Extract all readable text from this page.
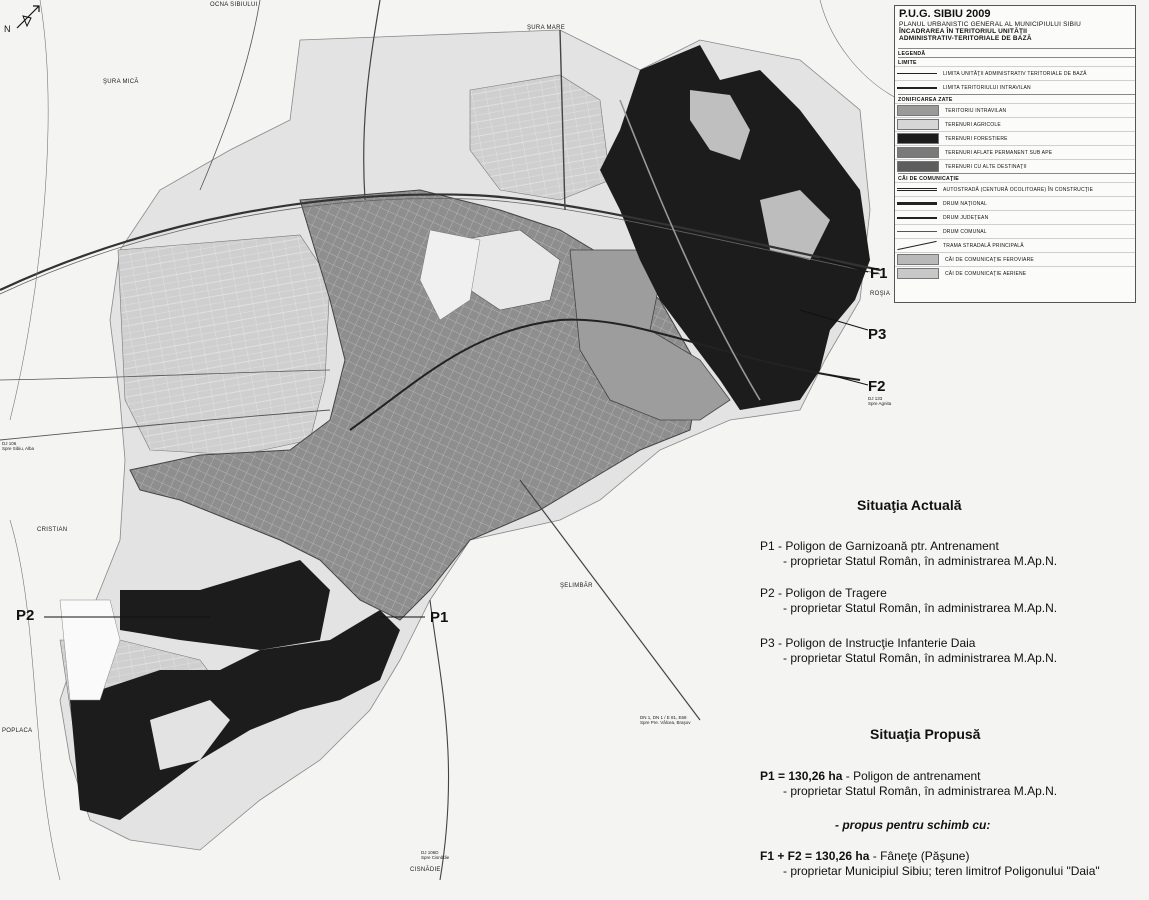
N
OCNA SIBIULUI
ŞURA MARE
ŞURA MICĂ
ROŞIA
CRISTIAN
ŞELIMBĂR
POPLACA
CISNĂDIE
DJ 106
Spre Sibiu, Alba
DJ 133
Spre Agnita
DN 1, DN 1 / E 81, E68
Spre Pre. Vâlcea, Braşov
DJ 106D
Spre Cisnădie
F1
P3
F2
P2	P1
P.U.G. SIBIU 2009
PLANUL URBANISTIC GENERAL AL MUNICIPIULUI SIBIU
ÎNCADRAREA ÎN TERITORIUL UNITĂŢII
ADMINISTRATIV-TERITORIALE DE BAZĂ
LEGENDĂ
LIMITE
LIMITA UNITĂŢII ADMINISTRATIV TERITORIALE DE BAZĂ
LIMITA TERITORIULUI INTRAVILAN
ZONIFICAREA ZATE
TERITORIU INTRAVILAN
TERENURI AGRICOLE
TERENURI FORESTIERE
TERENURI AFLATE PERMANENT SUB APE
TERENURI CU ALTE DESTINAŢII
CĂI DE COMUNICAŢIE
AUTOSTRADĂ (CENTURĂ OCOLITOARE) ÎN CONSTRUCŢIE
DRUM NAŢIONAL
DRUM JUDEŢEAN
DRUM COMUNAL
TRAMA STRADALĂ PRINCIPALĂ
CĂI DE COMUNICAŢIE FEROVIARE
CĂI DE COMUNICAŢIE AERIENE
Situaţia Actuală
P1 - Poligon de Garnizoană ptr. Antrenament
- proprietar Statul Român, în administrarea M.Ap.N.
P2 - Poligon de Tragere
- proprietar Statul Român, în administrarea M.Ap.N.
P3 - Poligon de Instrucţie Infanterie Daia
- proprietar Statul Român, în administrarea M.Ap.N.
Situaţia Propusă
P1 = 130,26 ha - Poligon de antrenament
- proprietar Statul Român, în administrarea M.Ap.N.
- propus pentru schimb cu:
F1 + F2 = 130,26 ha - Fâneţe (Păşune)
- proprietar Municipiul Sibiu; teren limitrof Poligonului "Daia"
